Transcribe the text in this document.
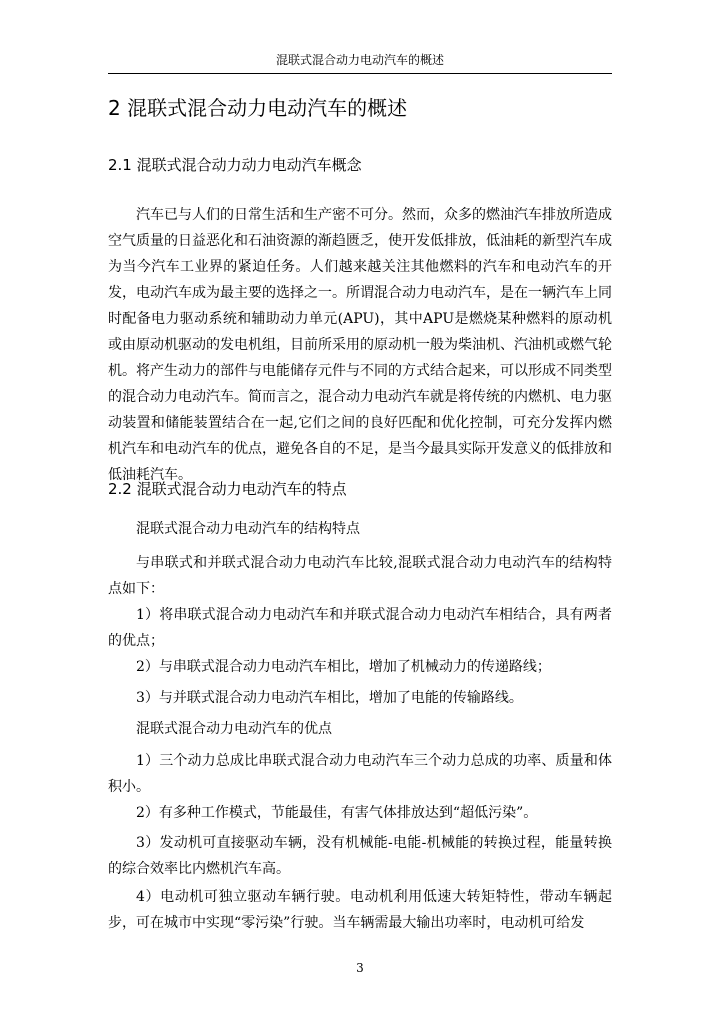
混联式混合动力电动汽车的概述
2 混联式混合动力电动汽车的概述
2.1 混联式混合动力动力电动汽车概念

汽车已与人们的日常生活和生产密不可分。然而，众多的燃油汽车排放所造成空气质量的日益恶化和石油资源的渐趋匮乏，使开发低排放，低油耗的新型汽车成为当今汽车工业界的紧迫任务。人们越来越关注其他燃料的汽车和电动汽车的开发，电动汽车成为最主要的选择之一。所谓混合动力电动汽车，是在一辆汽车上同时配备电力驱动系统和辅助动力单元(APU)，其中APU是燃烧某种燃料的原动机或由原动机驱动的发电机组，目前所采用的原动机一般为柴油机、汽油机或燃气轮机。将产生动力的部件与电能储存元件与不同的方式结合起来，可以形成不同类型的混合动力电动汽车。简而言之，混合动力电动汽车就是将传统的内燃机、电力驱动装置和储能装置结合在一起,它们之间的良好匹配和优化控制，可充分发挥内燃机汽车和电动汽车的优点，避免各自的不足，是当今最具实际开发意义的低排放和低油耗汽车。

2.2 混联式混合动力电动汽车的特点

混联式混合动力电动汽车的结构特点

与串联式和并联式混合动力电动汽车比较,混联式混合动力电动汽车的结构特点如下：

1）将串联式混合动力电动汽车和并联式混合动力电动汽车相结合，具有两者的优点；

2）与串联式混合动力电动汽车相比，增加了机械动力的传递路线；

3）与并联式混合动力电动汽车相比，增加了电能的传输路线。

混联式混合动力电动汽车的优点

1）三个动力总成比串联式混合动力电动汽车三个动力总成的功率、质量和体积小。

2）有多种工作模式，节能最佳，有害气体排放达到“超低污染”。

3）发动机可直接驱动车辆，没有机械能-电能-机械能的转换过程，能量转换的综合效率比内燃机汽车高。

4）电动机可独立驱动车辆行驶。电动机利用低速大转矩特性，带动车辆起步，可在城市中实现“零污染”行驶。当车辆需最大输出功率时，电动机可给发

3
